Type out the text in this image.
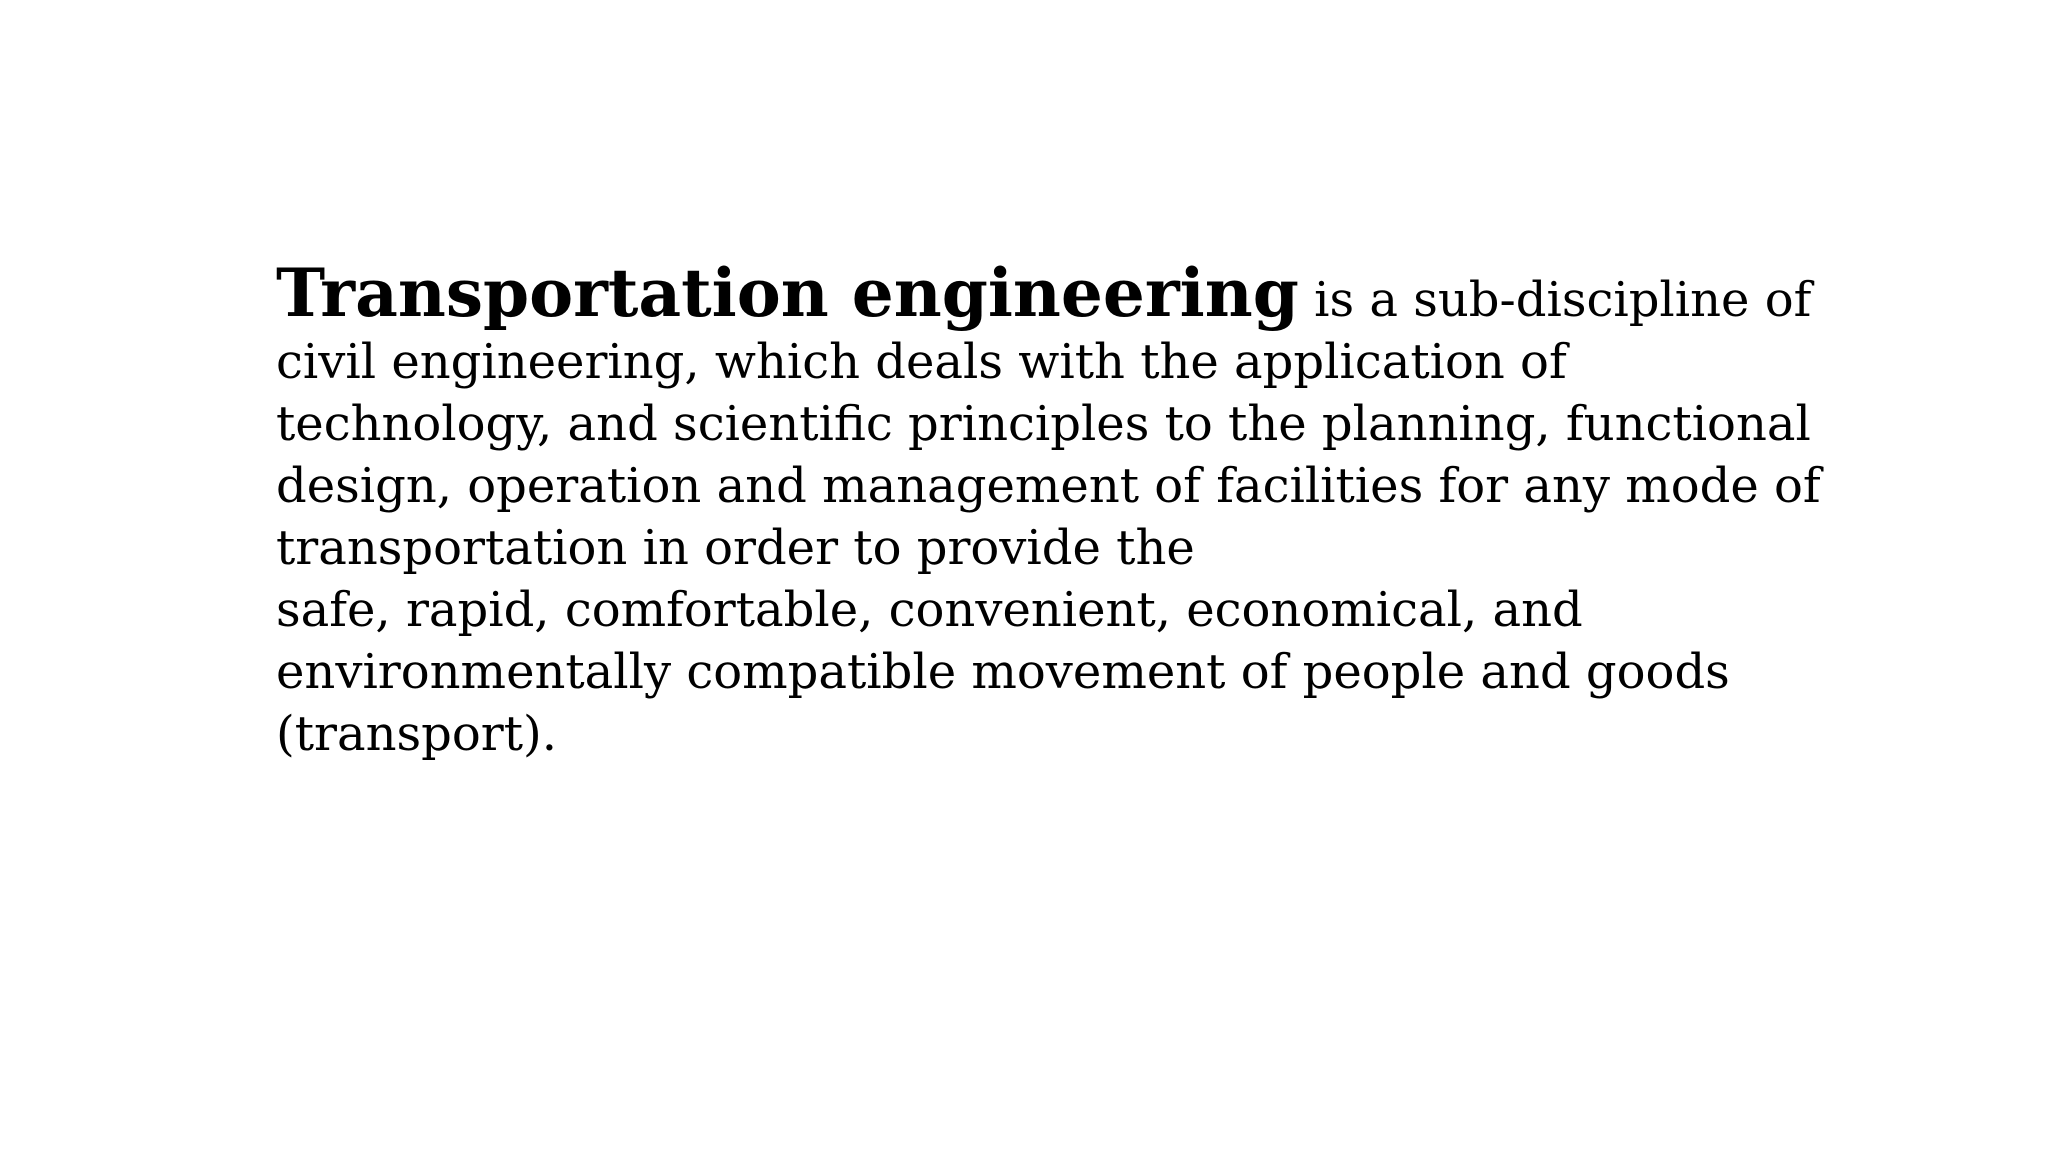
Transportation engineering is a sub-discipline of
civil engineering, which deals with the application of
technology, and scientific principles to the planning, functional
design, operation and management of facilities for any mode of
transportation in order to provide the
safe, rapid, comfortable, convenient, economical, and
environmentally compatible movement of people and goods
(transport).
